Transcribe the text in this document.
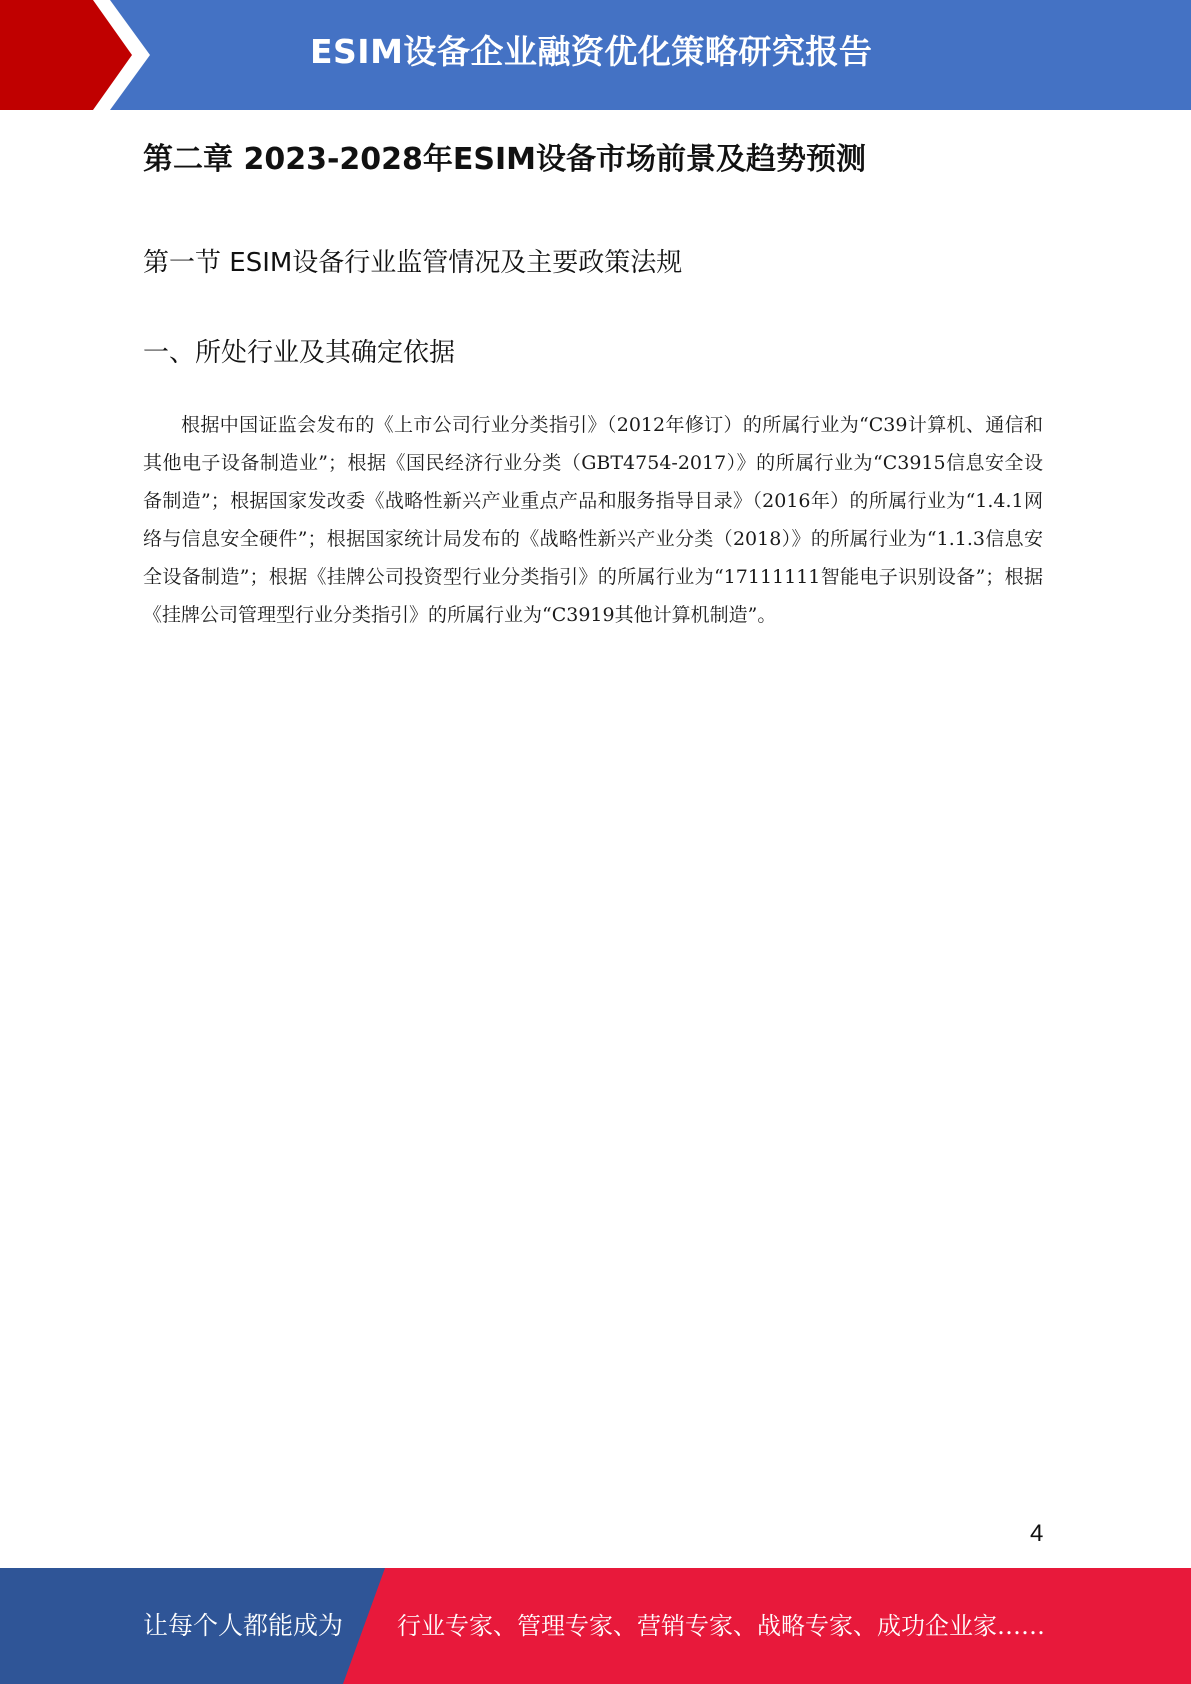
ESIM设备企业融资优化策略研究报告
第二章 2023-2028年ESIM设备市场前景及趋势预测
第一节 ESIM设备行业监管情况及主要政策法规
一、所处行业及其确定依据

根据中国证监会发布的《上市公司行业分类指引》（2012年修订）的所属行业为“C39计算机、通信和其他电子设备制造业”；根据《国民经济行业分类（GBT4754-2017）》的所属行业为“C3915信息安全设备制造”；根据国家发改委《战略性新兴产业重点产品和服务指导目录》（2016年）的所属行业为“1.4.1网络与信息安全硬件”；根据国家统计局发布的《战略性新兴产业分类（2018）》的所属行业为“1.1.3信息安全设备制造”；根据《挂牌公司投资型行业分类指引》的所属行业为“17111111智能电子识别设备”；根据《挂牌公司管理型行业分类指引》的所属行业为“C3919其他计算机制造”。

4
让每个人都能成为 行业专家、管理专家、营销专家、战略专家、成功企业家……
